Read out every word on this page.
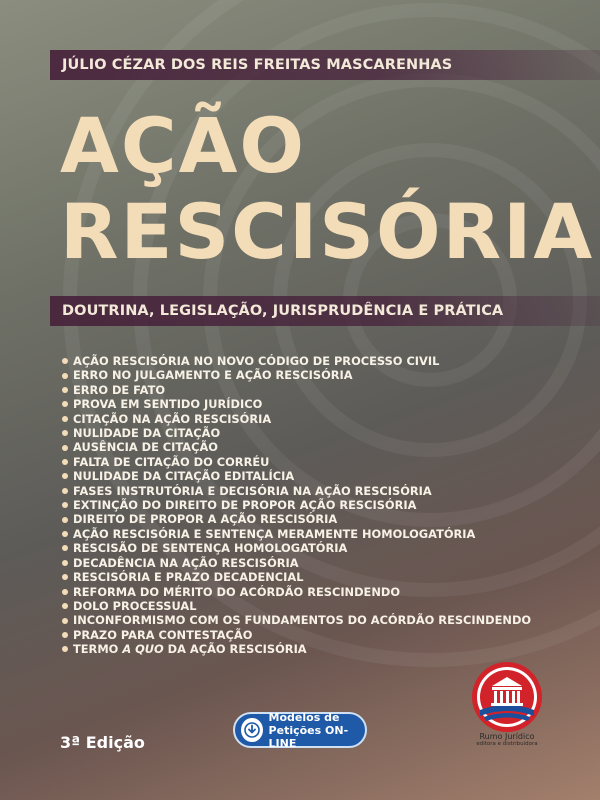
JÚLIO CÉZAR DOS REIS FREITAS MASCARENHAS
AÇÃO
RESCISÓRIA
DOUTRINA, LEGISLAÇÃO, JURISPRUDÊNCIA E PRÁTICA
AÇÃO RESCISÓRIA NO NOVO CÓDIGO DE PROCESSO CIVIL
ERRO NO JULGAMENTO E AÇÃO RESCISÓRIA
ERRO DE FATO
PROVA EM SENTIDO JURÍDICO
CITAÇÃO NA AÇÃO RESCISÓRIA
NULIDADE DA CITAÇÃO
AUSÊNCIA DE CITAÇÃO
FALTA DE CITAÇÃO DO CORRÉU
NULIDADE DA CITAÇÃO EDITALÍCIA
FASES INSTRUTÓRIA E DECISÓRIA NA AÇÃO RESCISÓRIA
EXTINÇÃO DO DIREITO DE PROPOR AÇÃO RESCISÓRIA
DIREITO DE PROPOR A AÇÃO RESCISÓRIA
AÇÃO RESCISÓRIA E SENTENÇA MERAMENTE HOMOLOGATÓRIA
RESCISÃO DE SENTENÇA HOMOLOGATÓRIA
DECADÊNCIA NA AÇÃO RESCISÓRIA
RESCISÓRIA E PRAZO DECADENCIAL
REFORMA DO MÉRITO DO ACÓRDÃO RESCINDENDO
DOLO PROCESSUAL
INCONFORMISMO COM OS FUNDAMENTOS DO ACÓRDÃO RESCINDENDO
PRAZO PARA CONTESTAÇÃO
TERMO A QUO DA AÇÃO RESCISÓRIA
3ª Edição
Modelos de
Petições ON-LINE	Rumo Jurídico
editora e distribuidora
